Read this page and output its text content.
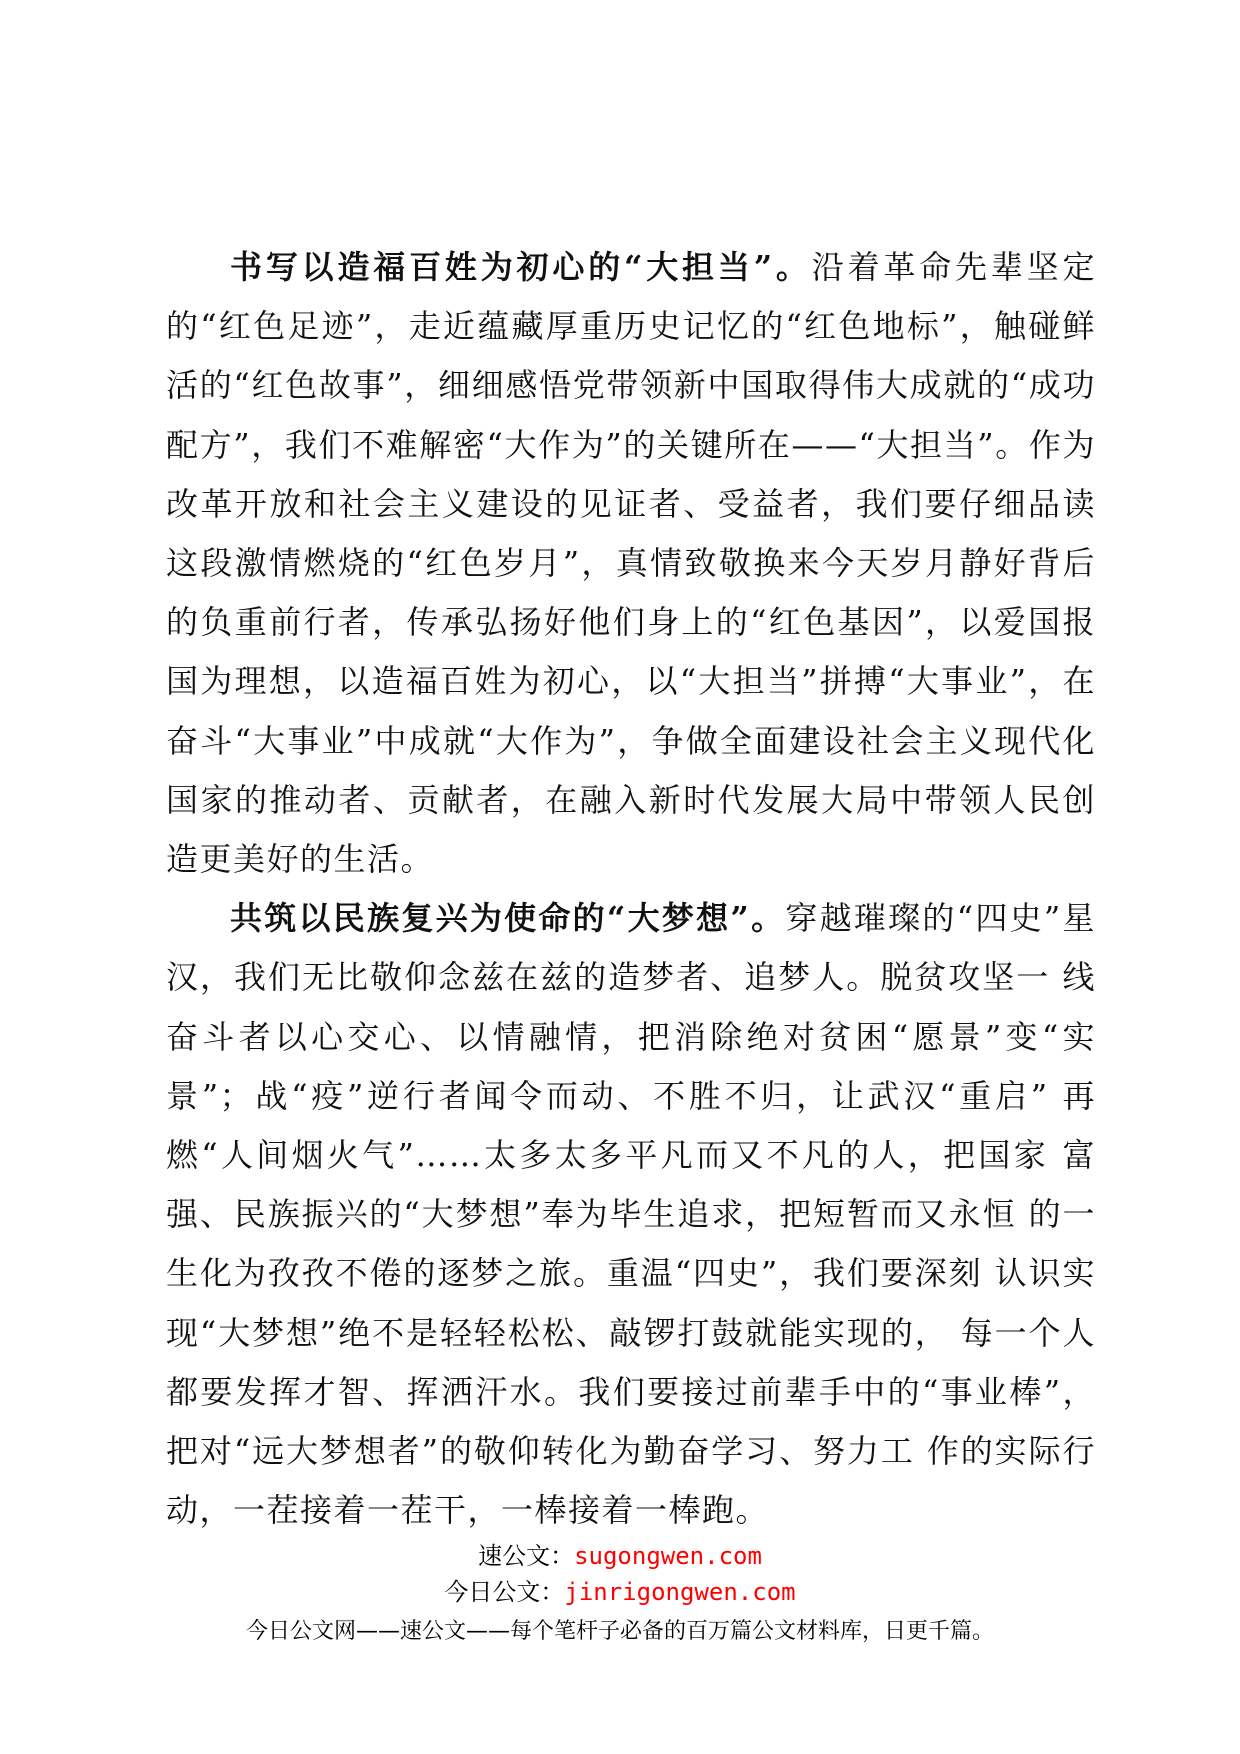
书写以造福百姓为初心的“大担当”。沿着革命先辈坚定的“红色足迹”，走近蕴藏厚重历史记忆的“红色地标”，触碰鲜活的“红色故事”，细细感悟党带领新中国取得伟大成就的“成功配方”，我们不难解密“大作为”的关键所在——“大担当”。作为改革开放和社会主义建设的见证者、受益者，我们要仔细品读这段激情燃烧的“红色岁月”，真情致敬换来今天岁月静好背后的负重前行者，传承弘扬好他们身上的“红色基因”，以爱国报国为理想，以造福百姓为初心，以“大担当”拼搏“大事业”，在奋斗“大事业”中成就“大作为”，争做全面建设社会主义现代化国家的推动者、贡献者，在融入新时代发展大局中带领人民创造更美好的生活。

共筑以民族复兴为使命的“大梦想”。穿越璀璨的“四史”星汉，我们无比敬仰念兹在兹的造梦者、追梦人。脱贫攻坚一 线奋斗者以心交心、以情融情，把消除绝对贫困“愿景”变“实景”；战“疫”逆行者闻令而动、不胜不归，让武汉“重启” 再燃“人间烟火气”……太多太多平凡而又不凡的人，把国家 富强、民族振兴的“大梦想”奉为毕生追求，把短暂而又永恒 的一生化为孜孜不倦的逐梦之旅。重温“四史”，我们要深刻 认识实现“大梦想”绝不是轻轻松松、敲锣打鼓就能实现的， 每一个人都要发挥才智、挥洒汗水。我们要接过前辈手中的“事业棒”，把对“远大梦想者”的敬仰转化为勤奋学习、努力工 作的实际行动，一茬接着一茬干，一棒接着一棒跑。

速公文：sugongwen.com
今日公文：jinrigongwen.com
今日公文网——速公文——每个笔杆子必备的百万篇公文材料库，日更千篇。
